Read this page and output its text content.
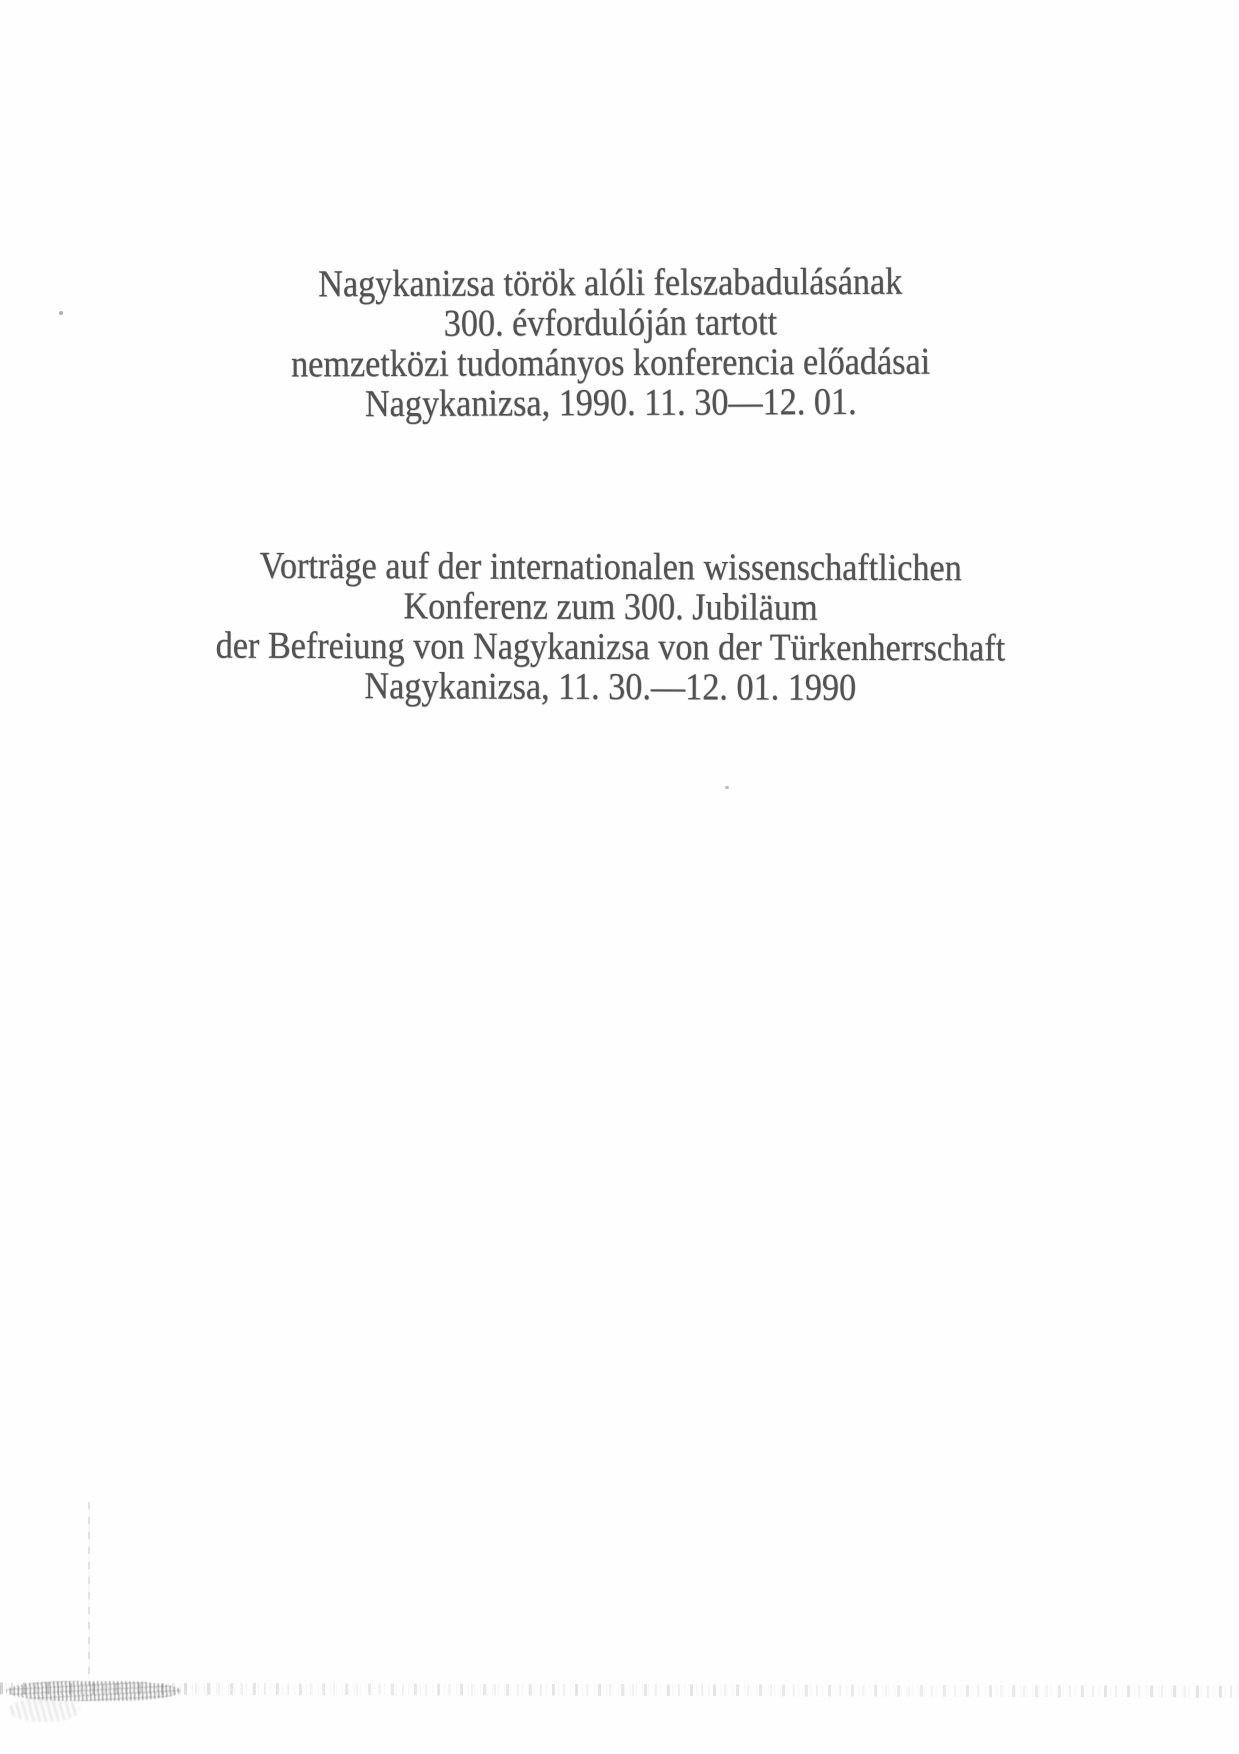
Nagykanizsa török alóli felszabadulásának
300. évfordulóján tartott
nemzetközi tudományos konferencia előadásai
Nagykanizsa, 1990. 11. 30—12. 01.
Vorträge auf der internationalen wissenschaftlichen
Konferenz zum 300. Jubiläum
der Befreiung von Nagykanizsa von der Türkenherrschaft
Nagykanizsa, 11. 30.—12. 01. 1990
